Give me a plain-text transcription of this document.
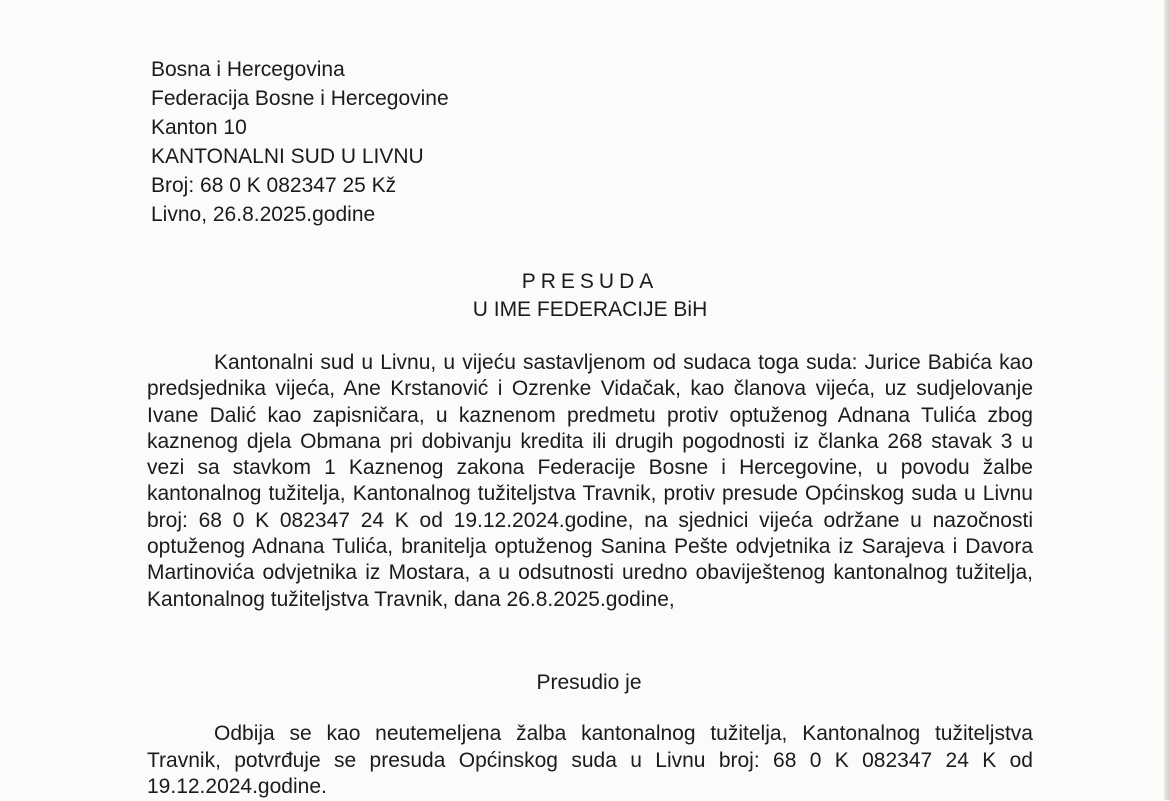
Bosna i Hercegovina
Federacija Bosne i Hercegovine
Kanton 10
KANTONALNI SUD U LIVNU
Broj: 68 0 K 082347 25 Kž
Livno, 26.8.2025.godine
PRESUDA
U IME FEDERACIJE BiH
Kantonalni sud u Livnu, u vijeću sastavljenom od sudaca toga suda: Jurice Babića kao predsjednika vijeća, Ane Krstanović i Ozrenke Vidačak, kao članova vijeća, uz sudjelovanje Ivane Dalić kao zapisničara, u kaznenom predmetu protiv optuženog Adnana Tulića zbog kaznenog djela Obmana pri dobivanju kredita ili drugih pogodnosti iz članka 268 stavak 3 u vezi sa stavkom 1 Kaznenog zakona Federacije Bosne i Hercegovine, u povodu žalbe kantonalnog tužitelja, Kantonalnog tužiteljstva Travnik, protiv presude Općinskog suda u Livnu broj: 68 0 K 082347 24 K od 19.12.2024.godine, na sjednici vijeća održane u nazočnosti optuženog Adnana Tulića, branitelja optuženog Sanina Pešte odvjetnika iz Sarajeva i Davora Martinovića odvjetnika iz Mostara, a u odsutnosti uredno obaviještenog kantonalnog tužitelja, Kantonalnog tužiteljstva Travnik, dana 26.8.2025.godine,
Presudio je
Odbija se kao neutemeljena žalba kantonalnog tužitelja, Kantonalnog tužiteljstva Travnik, potvrđuje se presuda Općinskog suda u Livnu broj: 68 0 K 082347 24 K od 19.12.2024.godine.
